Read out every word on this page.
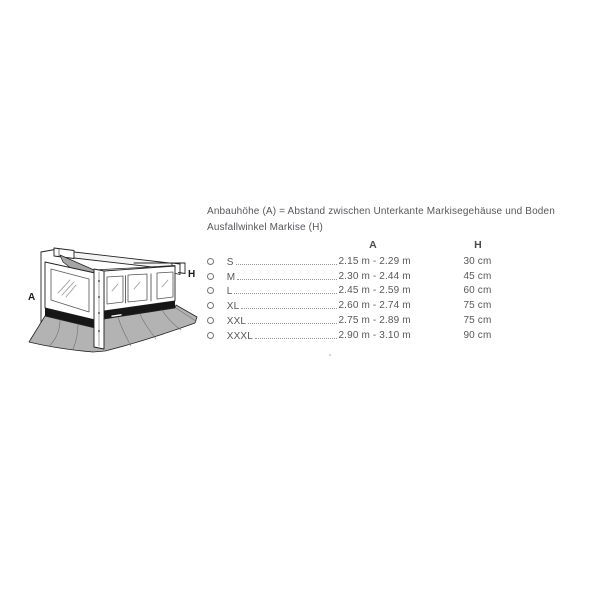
A
H
Anbauhöhe (A) = Abstand zwischen Unterkante Markisegehäuse und Boden
Ausfallwinkel Markise (H)
A	H
S	2.15 m - 2.29 m	30 cm
M	2.30 m - 2.44 m	45 cm
L	2.45 m - 2.59 m	60 cm
XL	2.60 m - 2.74 m	75 cm
XXL	2.75 m - 2.89 m	75 cm
XXXL	2.90 m - 3.10 m	90 cm
